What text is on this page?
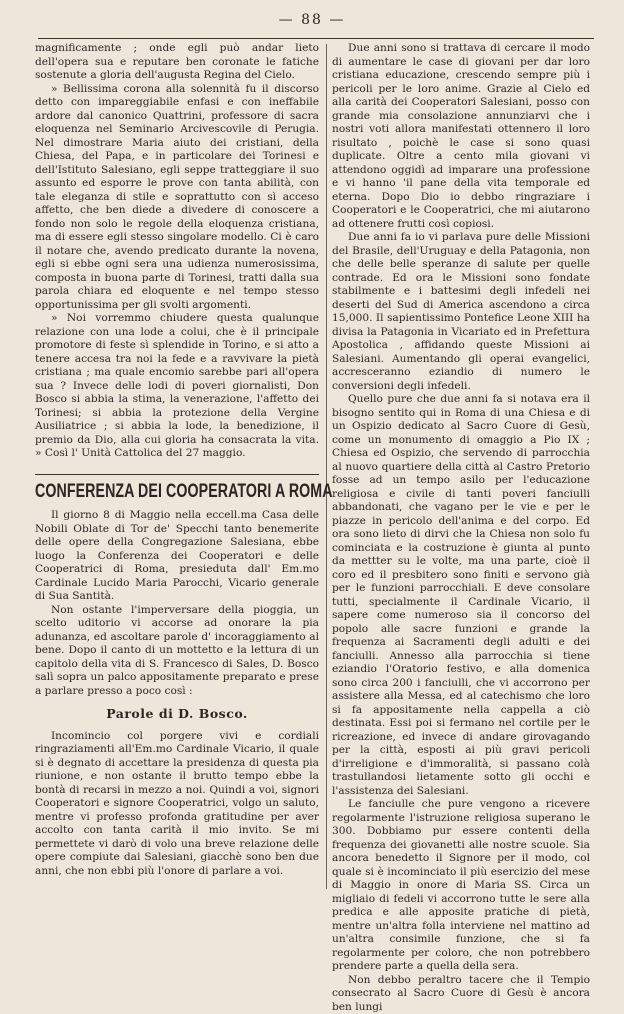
— 88 —

magnificamente ; onde egli può andar lieto dell'opera sua e reputare ben coronate le fatiche sostenute a gloria dell'augusta Regina del Cielo.

» Bellissima corona alla solennità fu il discorso detto con impareggiabile enfasi e con ineffabile ardore dal canonico Quattrini, professore di sacra eloquenza nel Seminario Arcivescovile di Perugia. Nel dimostrare Maria aiuto dei cristiani, della Chiesa, del Papa, e in particolare dei Torinesi e dell'Istituto Salesiano, egli seppe tratteggiare il suo assunto ed esporre le prove con tanta abilità, con tale eleganza di stile e soprattutto con sì acceso affetto, che ben diede a divedere di conoscere a fondo non solo le regole della eloquenza cristiana, ma di essere egli stesso singolare modello. Ci è caro il notare che, avendo predicato durante la novena, egli si ebbe ogni sera una udienza numerosissima, composta in buona parte di Torinesi, tratti dalla sua parola chiara ed eloquente e nel tempo stesso opportunissima per gli svolti argomenti.

» Noi vorremmo chiudere questa qualunque relazione con una lode a colui, che è il principale promotore di feste sì splendide in Torino, e si atto a tenere accesa tra noi la fede e a ravvivare la pietà cristiana ; ma quale encomio sarebbe pari all'opera sua ? Invece delle lodi di poveri giornalisti, Don Bosco si abbia la stima, la venerazione, l'affetto dei Torinesi; si abbia la protezione della Vergine Ausiliatrice ; si abbia la lode, la benedizione, il premio da Dio, alla cui gloria ha consacrata la vita. » Così l' Unità Cattolica del 27 maggio.

CONFERENZA DEI COOPERATORI A ROMA

Il giorno 8 di Maggio nella eccell.ma Casa delle Nobili Oblate di Tor de' Specchi tanto benemerite delle opere della Congregazione Salesiana, ebbe luogo la Conferenza dei Cooperatori e delle Cooperatrici di Roma, presieduta dall' Em.mo Cardinale Lucido Maria Parocchi, Vicario generale di Sua Santità.

Non ostante l'imperversare della pioggia, un scelto uditorio vi accorse ad onorare la pia adunanza, ed ascoltare parole d' incoraggiamento al bene. Dopo il canto di un mottetto e la lettura di un capitolo della vita di S. Francesco di Sales, D. Bosco salì sopra un palco appositamente preparato e prese a parlare presso a poco così :

Parole di D. Bosco.

Incomincio col porgere vivi e cordiali ringraziamenti all'Em.mo Cardinale Vicario, il quale si è degnato di accettare la presidenza di questa pia riunione, e non ostante il brutto tempo ebbe la bontà di recarsi in mezzo a noi. Quindi a voi, signori Cooperatori e signore Cooperatrici, volgo un saluto, mentre vi professo profonda gratitudine per aver accolto con tanta carità il mio invito. Se mi permettete vi darò di volo una breve relazione delle opere compiute dai Salesiani, giacchè sono ben due anni, che non ebbi più l'onore di parlare a voi.

Due anni sono si trattava di cercare il modo di aumentare le case di giovani per dar loro cristiana educazione, crescendo sempre più i pericoli per le loro anime. Grazie al Cielo ed alla carità dei Cooperatori Salesiani, posso con grande mia consolazione annunziarvi che i nostri voti allora manifestati ottennero il loro risultato , poichè le case si sono quasi duplicate. Oltre a cento mila giovani vi attendono oggidì ad imparare una professione e vi hanno 'il pane della vita temporale ed eterna. Dopo Dio io debbo ringraziare i Cooperatori e le Cooperatrici, che mi aiutarono ad ottenere frutti così copiosi.

Due anni fa io vi parlava pure delle Missioni del Brasile, dell'Uruguay e della Patagonia, non che delle belle speranze di salute per quelle contrade. Ed ora le Missioni sono fondate stabilmente e i battesimi degli infedeli nei deserti del Sud di America ascendono a circa 15,000. Il sapientissimo Pontefice Leone XIII ha divisa la Patagonia in Vicariato ed in Prefettura Apostolica , affidando queste Missioni ai Salesiani. Aumentando gli operai evangelici, accresceranno eziandio di numero le conversioni degli infedeli.

Quello pure che due anni fa si notava era il bisogno sentito qui in Roma di una Chiesa e di un Ospizio dedicato al Sacro Cuore di Gesù, come un monumento di omaggio a Pio IX ; Chiesa ed Ospizio, che servendo di parrocchia al nuovo quartiere della città al Castro Pretorio fosse ad un tempo asilo per l'educazione religiosa e civile di tanti poveri fanciulli abbandonati, che vagano per le vie e per le piazze in pericolo dell'anima e del corpo. Ed ora sono lieto di dirvi che la Chiesa non solo fu cominciata e la costruzione è giunta al punto da mettter su le volte, ma una parte, cioè il coro ed il presbitero sono finiti e servono già per le funzioni parrocchiali. E deve consolare tutti, specialmente il Cardinale Vicario, il sapere come numeroso sia il concorso del popolo alle sacre funzioni e grande la frequenza ai Sacramenti degli adulti e dei fanciulli. Annesso alla parrocchia si tiene eziandio l'Oratorio festivo, e alla domenica sono circa 200 i fanciulli, che vi accorrono per assistere alla Messa, ed al catechismo che loro si fa appositamente nella cappella a ciò destinata. Essi poi si fermano nel cortile per le ricreazione, ed invece di andare girovagando per la città, esposti ai più gravi pericoli d'irreligione e d'immoralità, si passano colà trastullandosi lietamente sotto gli occhi e l'assistenza dei Salesiani.

Le fanciulle che pure vengono a ricevere regolarmente l'istruzione religiosa superano le 300. Dobbiamo pur essere contenti della frequenza dei giovanetti alle nostre scuole. Sia ancora benedetto il Signore per il modo, col quale si è incominciato il più esercizio del mese di Maggio in onore di Maria SS. Circa un migliaio di fedeli vi accorrono tutte le sere alla predica e alle apposite pratiche di pietà, mentre un'altra folla interviene nel mattino ad un'altra consimile funzione, che si fa regolarmente per coloro, che non potrebbero prendere parte a quella della sera.

Non debbo peraltro tacere che il Tempio consecrato al Sacro Cuore di Gesù è ancora ben lungi
